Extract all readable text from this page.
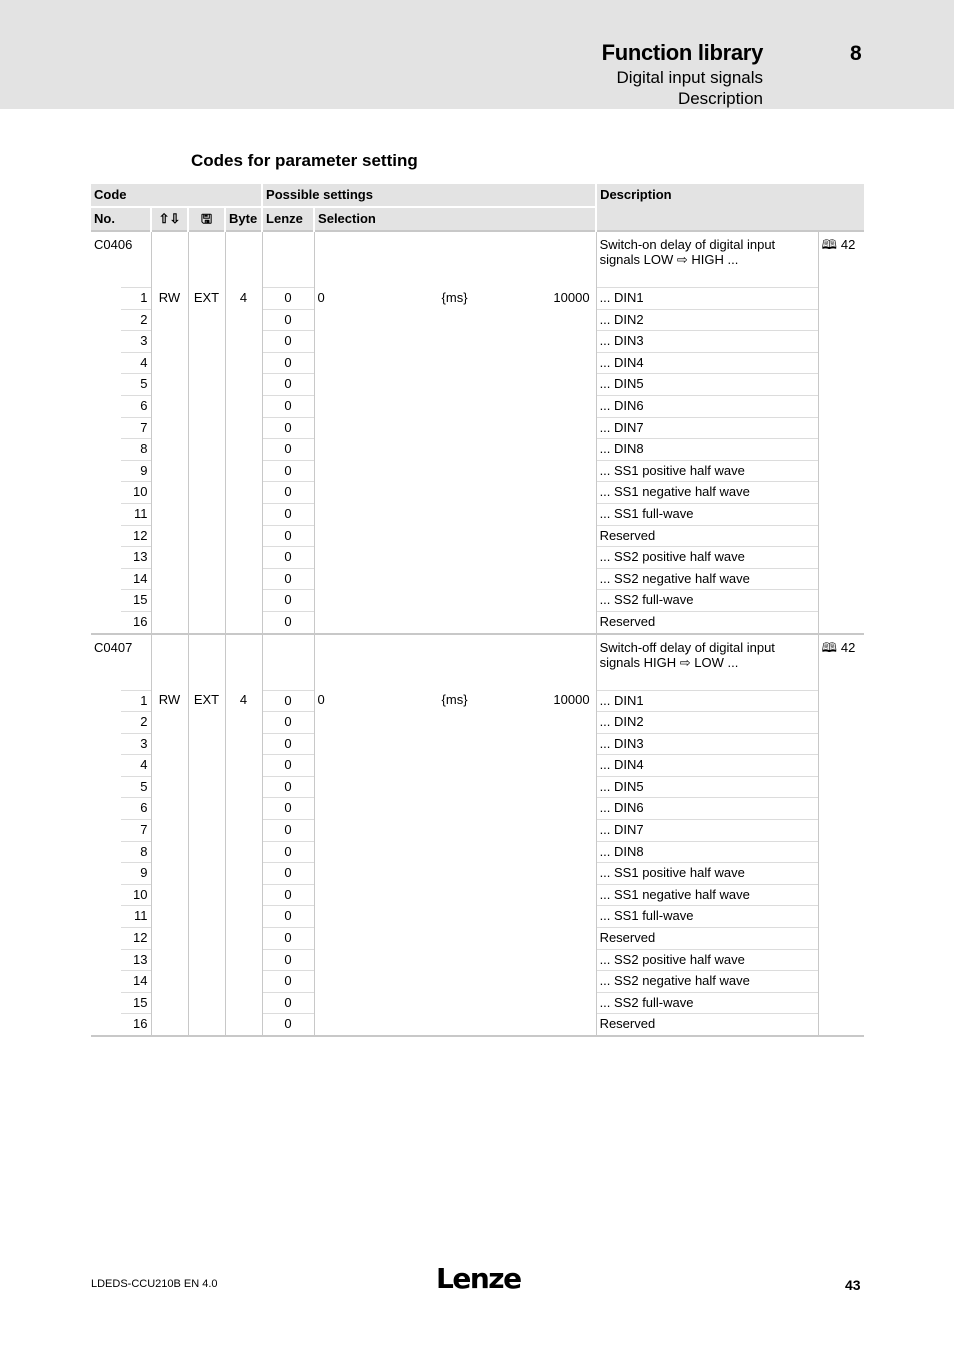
Function library	8
Digital input signals
Description
Codes for parameter setting
Code					Possible settings		Description	
No.		⇧⇩	🖫	Byte	Lenze	Selection		
C0406							Switch-on delay of digital input signals LOW ⇨ HIGH ...	🕮 42
	1	RW	EXT	4	0	0 {ms} 10000	... DIN1	
	2				0		... DIN2	
	3				0		... DIN3	
	4				0		... DIN4	
	5				0		... DIN5	
	6				0		... DIN6	
	7				0		... DIN7	
	8				0		... DIN8	
	9				0		... SS1 positive half wave	
	10				0		... SS1 negative half wave	
	11				0		... SS1 full-wave	
	12				0		Reserved	
	13				0		... SS2 positive half wave	
	14				0		... SS2 negative half wave	
	15				0		... SS2 full-wave	
	16				0		Reserved	
C0407							Switch-off delay of digital input signals HIGH ⇨ LOW ...	🕮 42
	1	RW	EXT	4	0	0 {ms} 10000	... DIN1	
	2				0		... DIN2	
	3				0		... DIN3	
	4				0		... DIN4	
	5				0		... DIN5	
	6				0		... DIN6	
	7				0		... DIN7	
	8				0		... DIN8	
	9				0		... SS1 positive half wave	
	10				0		... SS1 negative half wave	
	11				0		... SS1 full-wave	
	12				0		Reserved	
	13				0		... SS2 positive half wave	
	14				0		... SS2 negative half wave	
	15				0		... SS2 full-wave	
	16				0		Reserved	
LDEDS-CCU210B EN 4.0	Lenze	43
